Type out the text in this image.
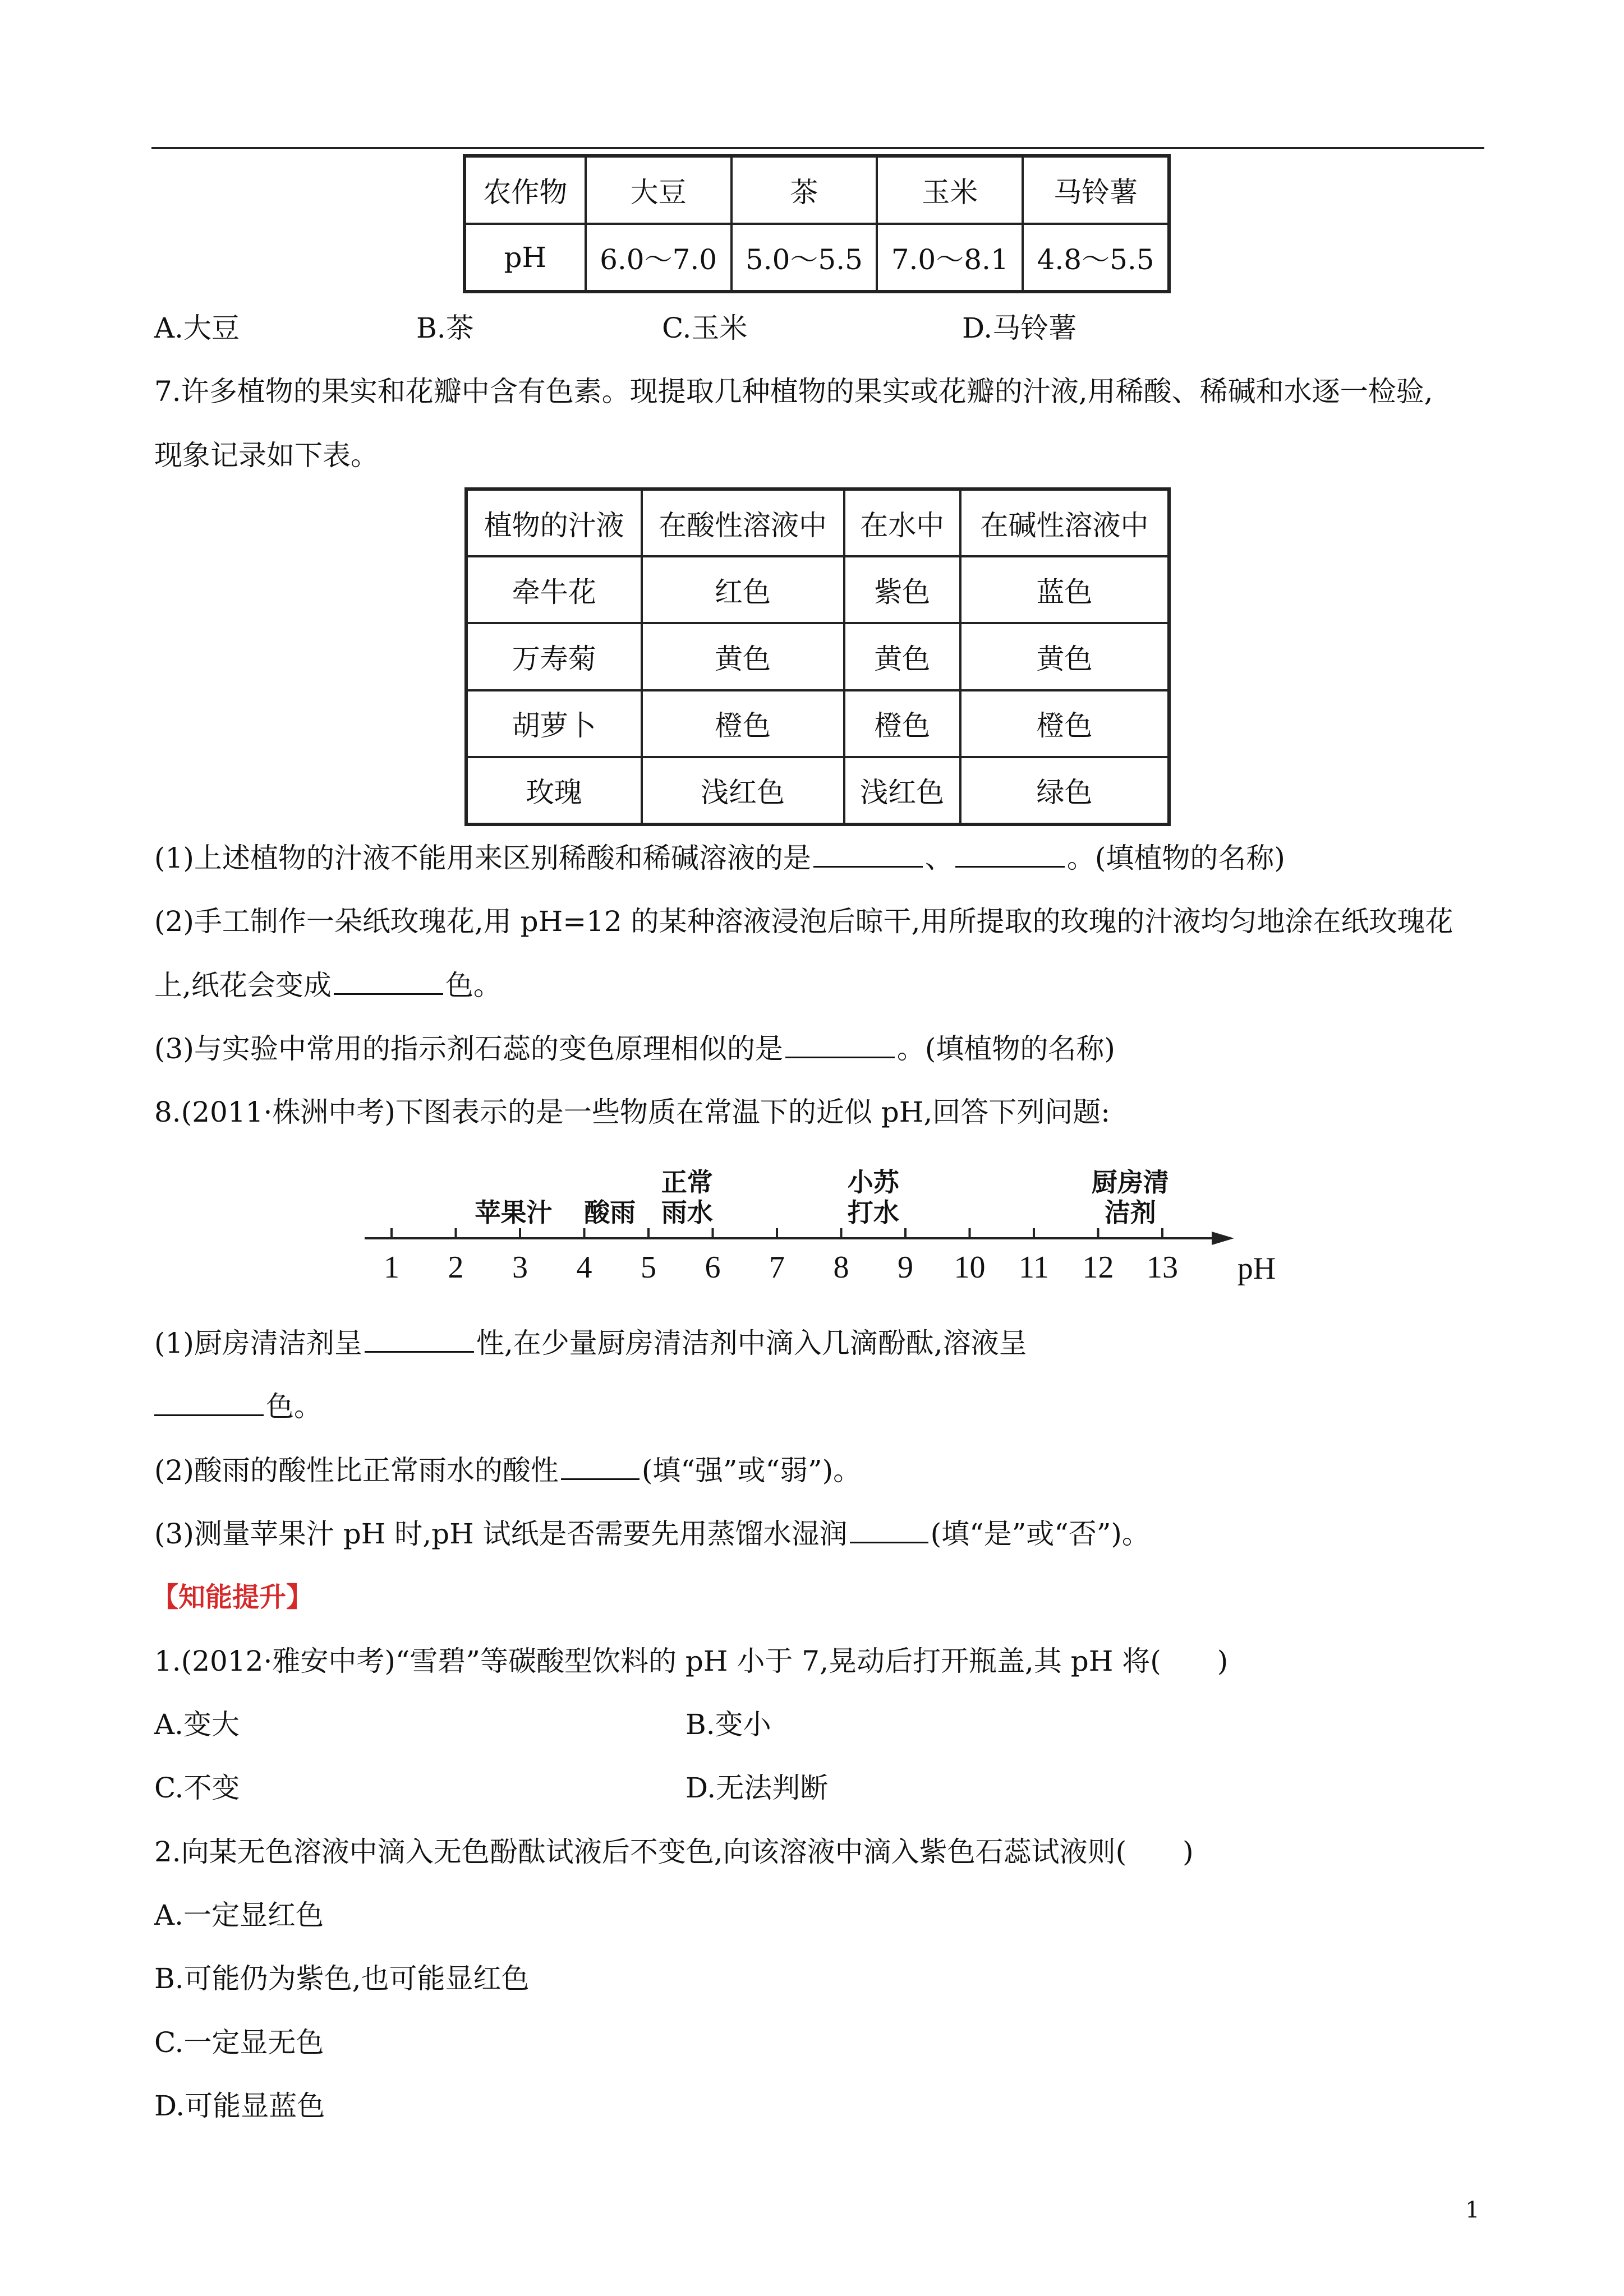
农作物	大豆	茶	玉米	马铃薯
pH	6.0～7.0	5.0～5.5	7.0～8.1	4.8～5.5
A.大豆	B.茶	C.玉米	D.马铃薯
7.许多植物的果实和花瓣中含有色素。现提取几种植物的果实或花瓣的汁液,用稀酸、稀碱和水逐一检验,
现象记录如下表。
植物的汁液	在酸性溶液中	在水中	在碱性溶液中
牵牛花	红色	紫色	蓝色
万寿菊	黄色	黄色	黄色
胡萝卜	橙色	橙色	橙色
玫瑰	浅红色	浅红色	绿色
(1)上述植物的汁液不能用来区别稀酸和稀碱溶液的是	、	。(填植物的名称)
(2)手工制作一朵纸玫瑰花,用 pH=12 的某种溶液浸泡后晾干,用所提取的玫瑰的汁液均匀地涂在纸玫瑰花
上,纸花会变成	色。
(3)与实验中常用的指示剂石蕊的变色原理相似的是	。(填植物的名称)
8.(2011·株洲中考)下图表示的是一些物质在常温下的近似 pH,回答下列问题:
苹果汁 酸雨
正常
雨水
小苏
打水
厨房清
洁剂
1 2 3 4 5 6 7 8 9 10 11 12 13 pH
(1)厨房清洁剂呈	性,在少量厨房清洁剂中滴入几滴酚酞,溶液呈
色。
(2)酸雨的酸性比正常雨水的酸性	(填“强”或“弱”)。
(3)测量苹果汁 pH 时,pH 试纸是否需要先用蒸馏水湿润	(填“是”或“否”)。
【知能提升】
1.(2012·雅安中考)“雪碧”等碳酸型饮料的 pH 小于 7,晃动后打开瓶盖,其 pH 将(　　)
A.变大	B.变小
C.不变	D.无法判断
2.向某无色溶液中滴入无色酚酞试液后不变色,向该溶液中滴入紫色石蕊试液则(　　)
A.一定显红色
B.可能仍为紫色,也可能显红色
C.一定显无色
D.可能显蓝色
1
